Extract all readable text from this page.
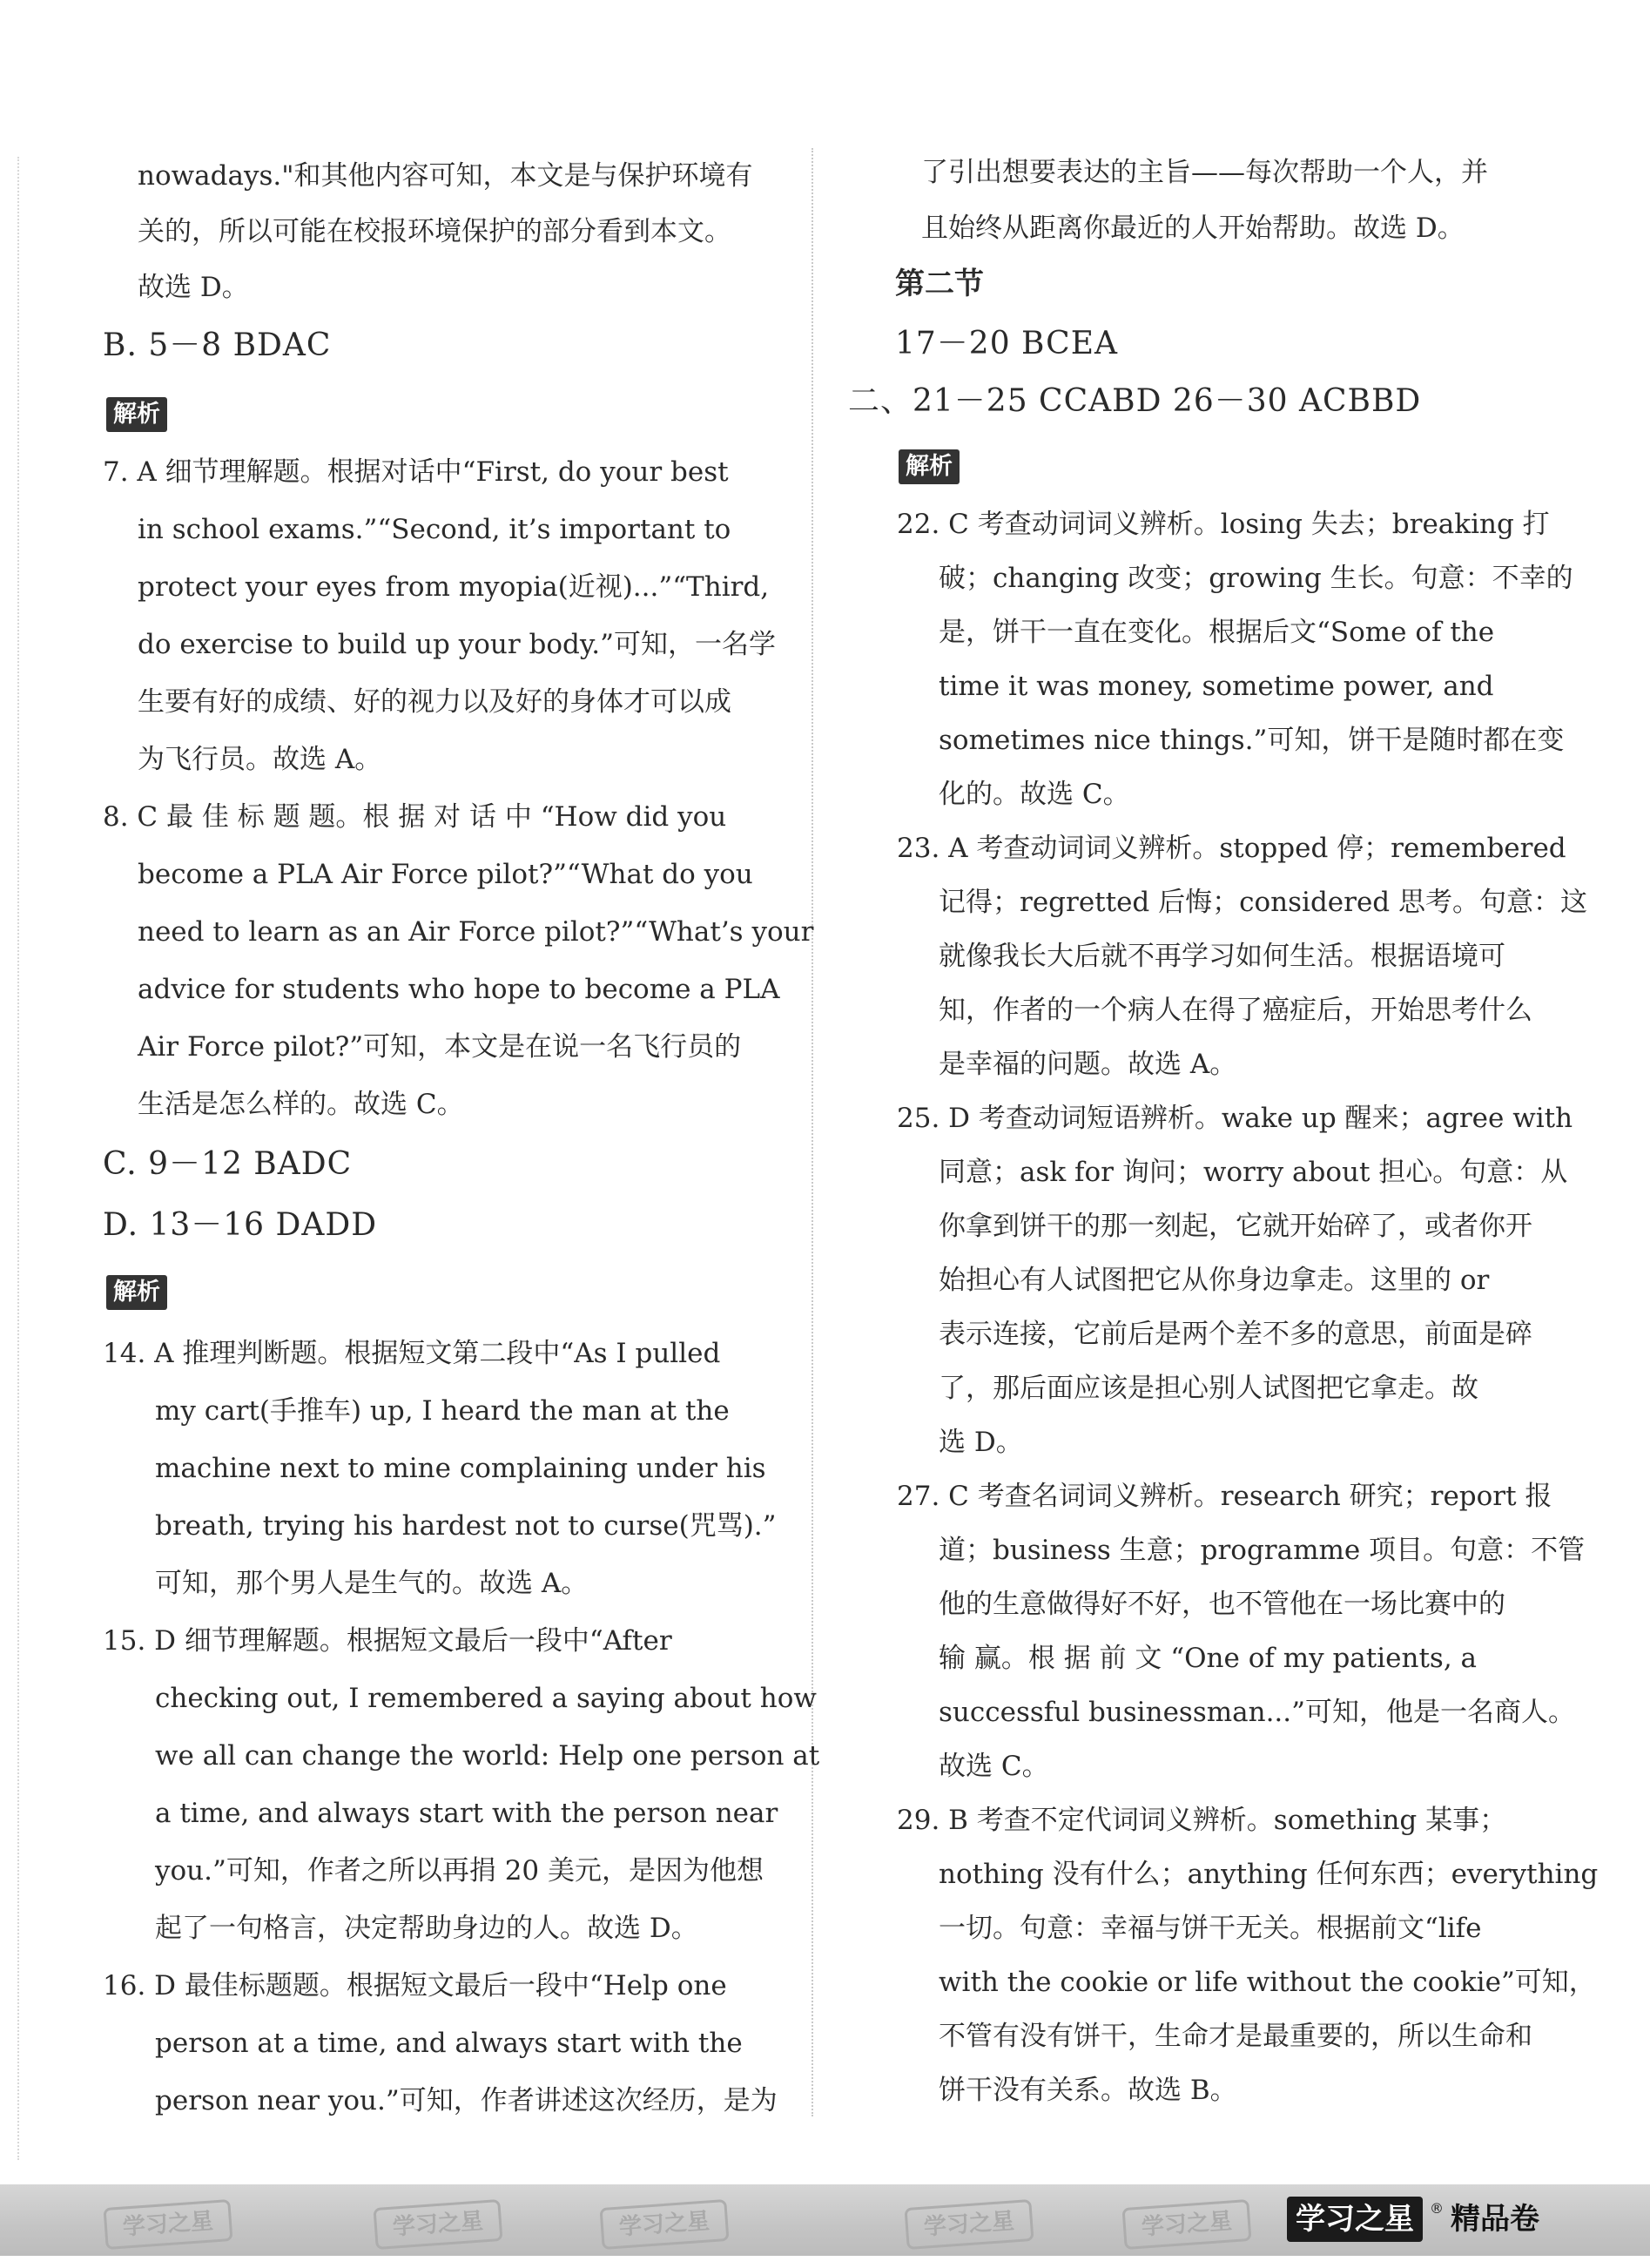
nowadays."和其他内容可知，本文是与保护环境有
关的，所以可能在校报环境保护的部分看到本文。
故选 D。
B. 5－8 BDAC
解析
7. A 细节理解题。根据对话中“First, do your best
in school exams.”“Second, it’s important to
protect your eyes from myopia(近视)...”“Third,
do exercise to build up your body.”可知，一名学
生要有好的成绩、好的视力以及好的身体才可以成
为飞行员。故选 A。
8. C 最 佳 标 题 题。根 据 对 话 中 “How did you
become a PLA Air Force pilot?”“What do you
need to learn as an Air Force pilot?”“What’s your
advice for students who hope to become a PLA
Air Force pilot?”可知，本文是在说一名飞行员的
生活是怎么样的。故选 C。
C. 9－12 BADC
D. 13－16 DADD
解析
14. A 推理判断题。根据短文第二段中“As I pulled
my cart(手推车) up, I heard the man at the
machine next to mine complaining under his
breath, trying his hardest not to curse(咒骂).”
可知，那个男人是生气的。故选 A。
15. D 细节理解题。根据短文最后一段中“After
checking out, I remembered a saying about how
we all can change the world: Help one person at
a time, and always start with the person near
you.”可知，作者之所以再捐 20 美元，是因为他想
起了一句格言，决定帮助身边的人。故选 D。
16. D 最佳标题题。根据短文最后一段中“Help one
person at a time, and always start with the
person near you.”可知，作者讲述这次经历，是为
了引出想要表达的主旨——每次帮助一个人，并
且始终从距离你最近的人开始帮助。故选 D。
第二节
17－20 BCEA
二、21－25 CCABD 26－30 ACBBD
解析
22. C 考查动词词义辨析。losing 失去；breaking 打
破；changing 改变；growing 生长。句意：不幸的
是，饼干一直在变化。根据后文“Some of the
time it was money, sometime power, and
sometimes nice things.”可知，饼干是随时都在变
化的。故选 C。
23. A 考查动词词义辨析。stopped 停；remembered
记得；regretted 后悔；considered 思考。句意：这
就像我长大后就不再学习如何生活。根据语境可
知，作者的一个病人在得了癌症后，开始思考什么
是幸福的问题。故选 A。
25. D 考查动词短语辨析。wake up 醒来；agree with
同意；ask for 询问；worry about 担心。句意：从
你拿到饼干的那一刻起，它就开始碎了，或者你开
始担心有人试图把它从你身边拿走。这里的 or
表示连接，它前后是两个差不多的意思，前面是碎
了，那后面应该是担心别人试图把它拿走。故
选 D。
27. C 考查名词词义辨析。research 研究；report 报
道；business 生意；programme 项目。句意：不管
他的生意做得好不好，也不管他在一场比赛中的
输 赢。根 据 前 文 “One of my patients, a
successful businessman...”可知，他是一名商人。
故选 C。
29. B 考查不定代词词义辨析。something 某事；
nothing 没有什么；anything 任何东西；everything
一切。句意：幸福与饼干无关。根据前文“life
with the cookie or life without the cookie”可知，
不管有没有饼干，生命才是最重要的，所以生命和
饼干没有关系。故选 B。
学习之星	学习之星	学习之星	学习之星	学习之星	学习之星	® 精品卷
